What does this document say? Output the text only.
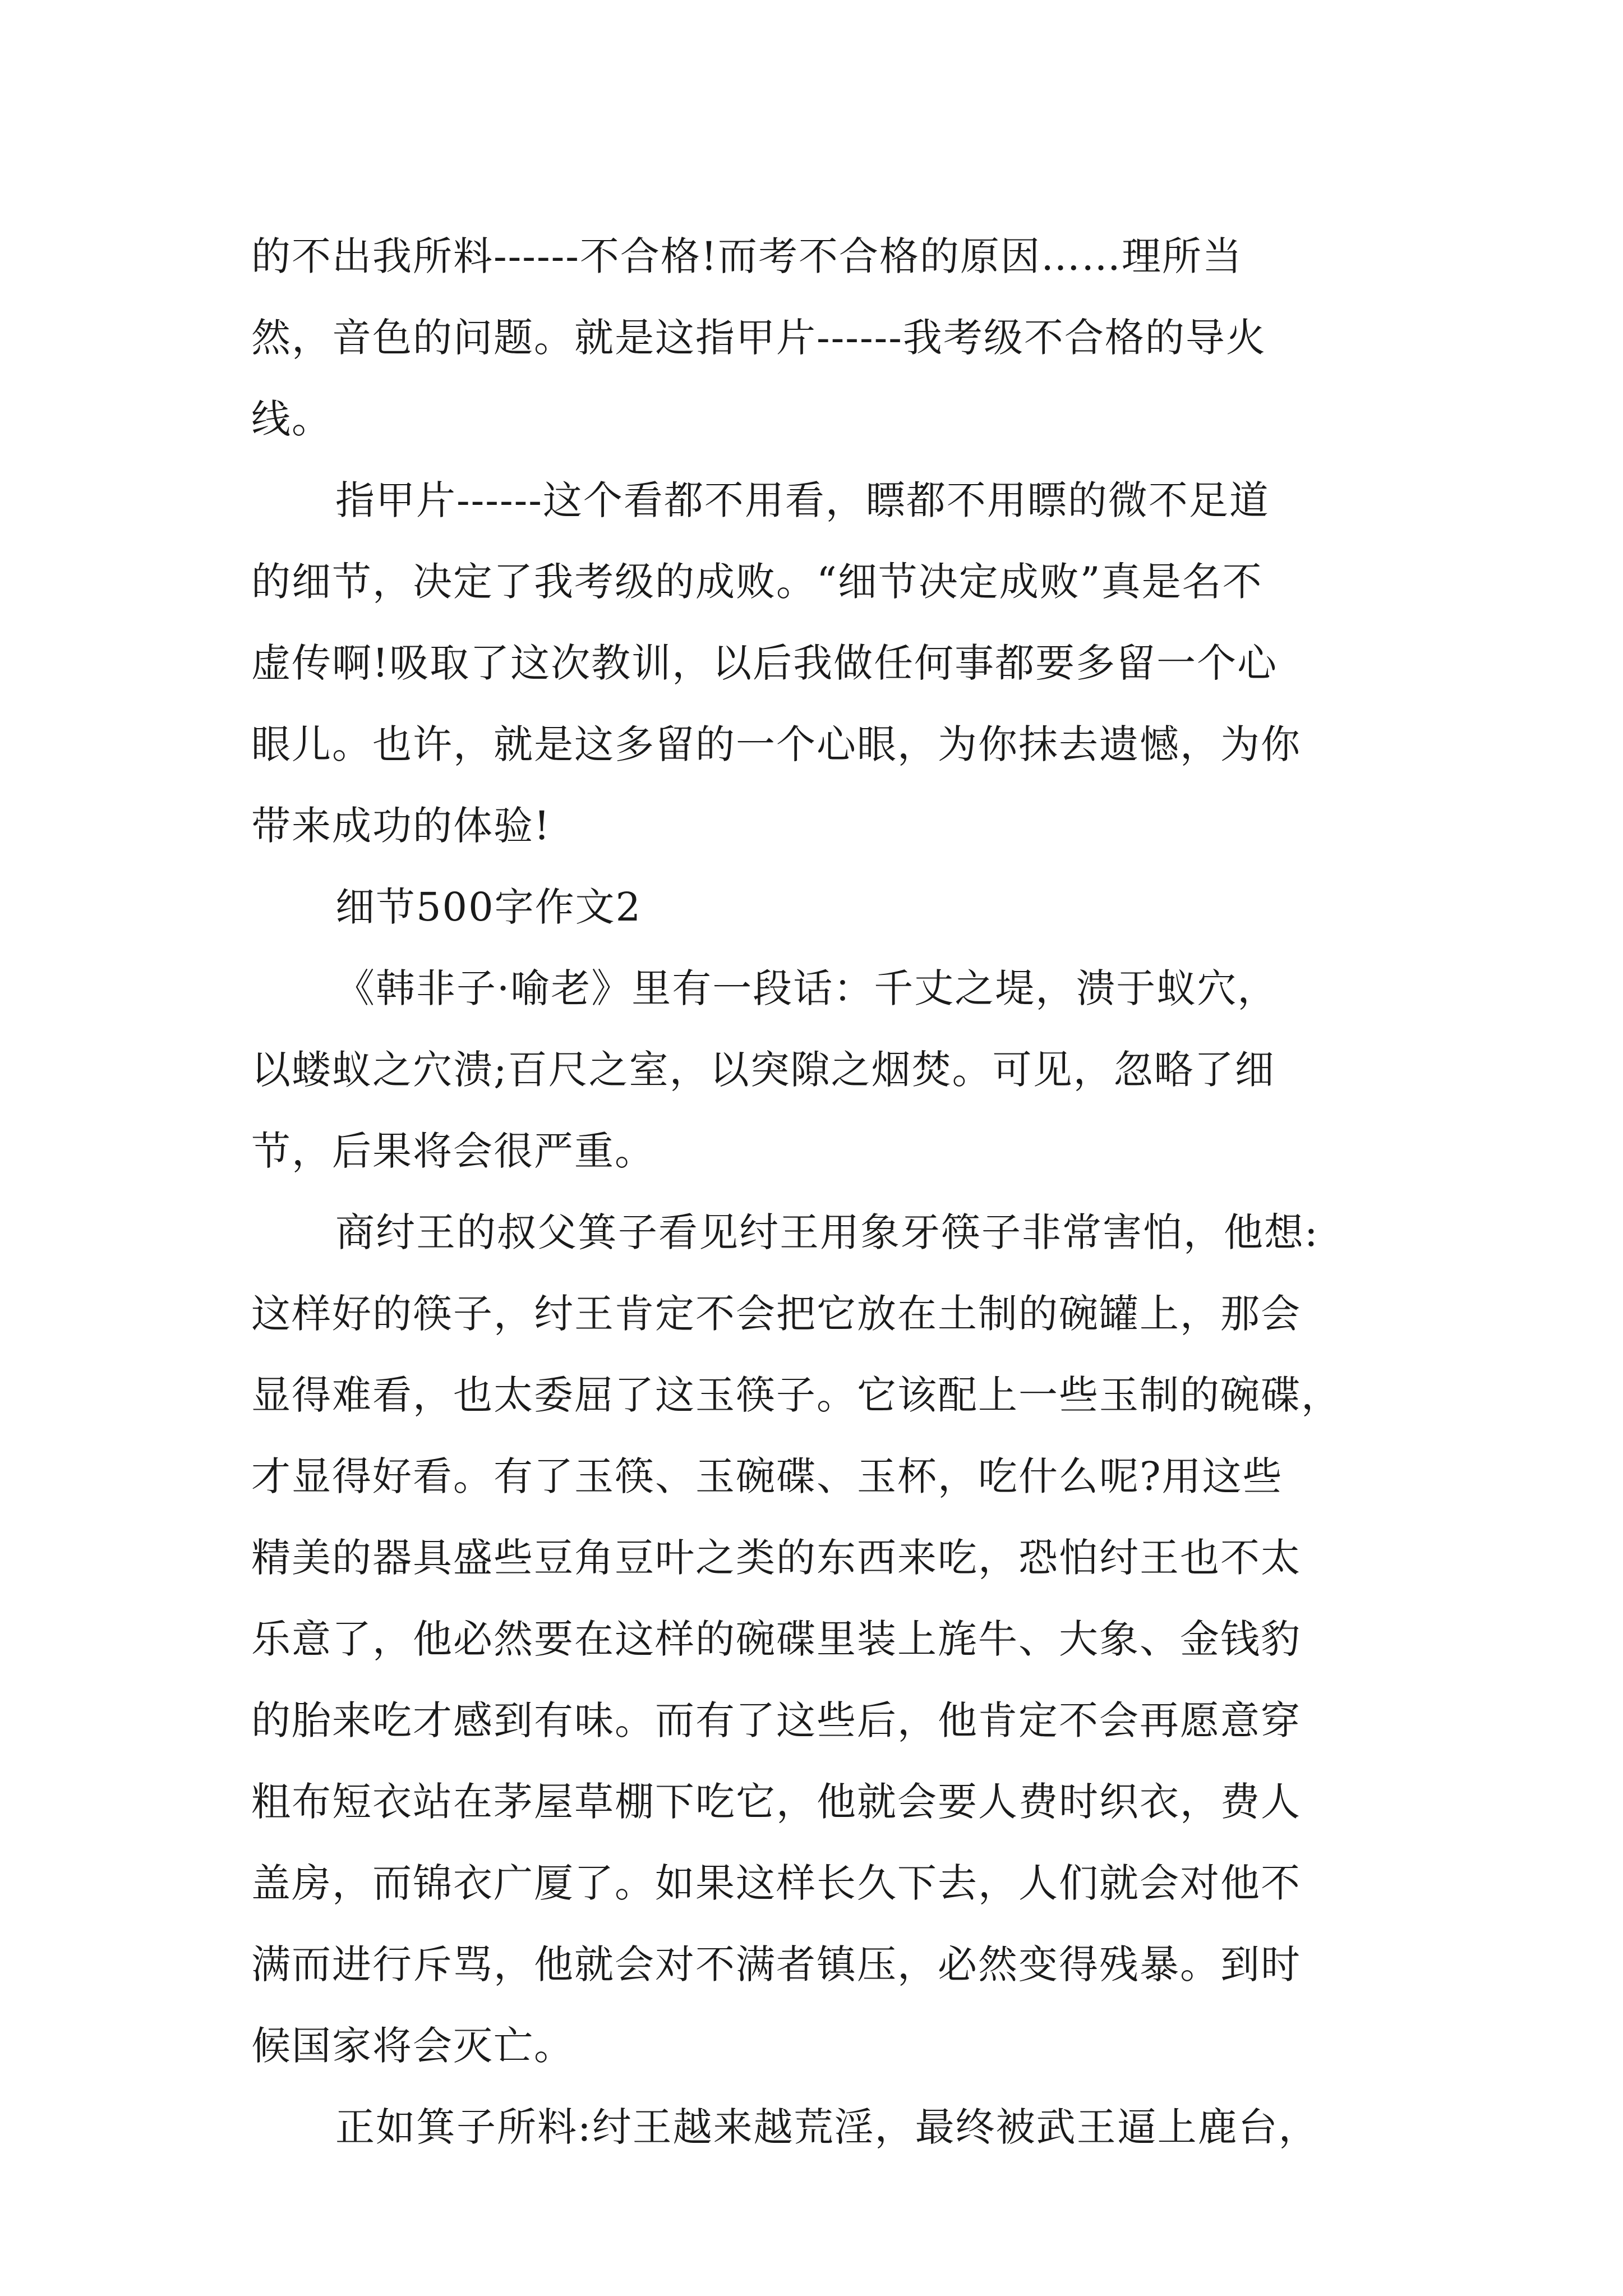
的不出我所料------不合格!而考不合格的原因……理所当
然，音色的问题。就是这指甲片------我考级不合格的导火
线。
指甲片------这个看都不用看，瞟都不用瞟的微不足道
的细节，决定了我考级的成败。“细节决定成败”真是名不
虚传啊!吸取了这次教训，以后我做任何事都要多留一个心
眼儿。也许，就是这多留的一个心眼，为你抹去遗憾，为你
带来成功的体验!
细节500字作文2
《韩非子·喻老》里有一段话：千丈之堤，溃于蚁穴，
以蝼蚁之穴溃;百尺之室，以突隙之烟焚。可见，忽略了细
节，后果将会很严重。
商纣王的叔父箕子看见纣王用象牙筷子非常害怕，他想:
这样好的筷子，纣王肯定不会把它放在土制的碗罐上，那会
显得难看，也太委屈了这玉筷子。它该配上一些玉制的碗碟，
才显得好看。有了玉筷、玉碗碟、玉杯，吃什么呢?用这些
精美的器具盛些豆角豆叶之类的东西来吃，恐怕纣王也不太
乐意了，他必然要在这样的碗碟里装上旄牛、大象、金钱豹
的胎来吃才感到有味。而有了这些后，他肯定不会再愿意穿
粗布短衣站在茅屋草棚下吃它，他就会要人费时织衣，费人
盖房，而锦衣广厦了。如果这样长久下去，人们就会对他不
满而进行斥骂，他就会对不满者镇压，必然变得残暴。到时
候国家将会灭亡。
正如箕子所料:纣王越来越荒淫，最终被武王逼上鹿台，
